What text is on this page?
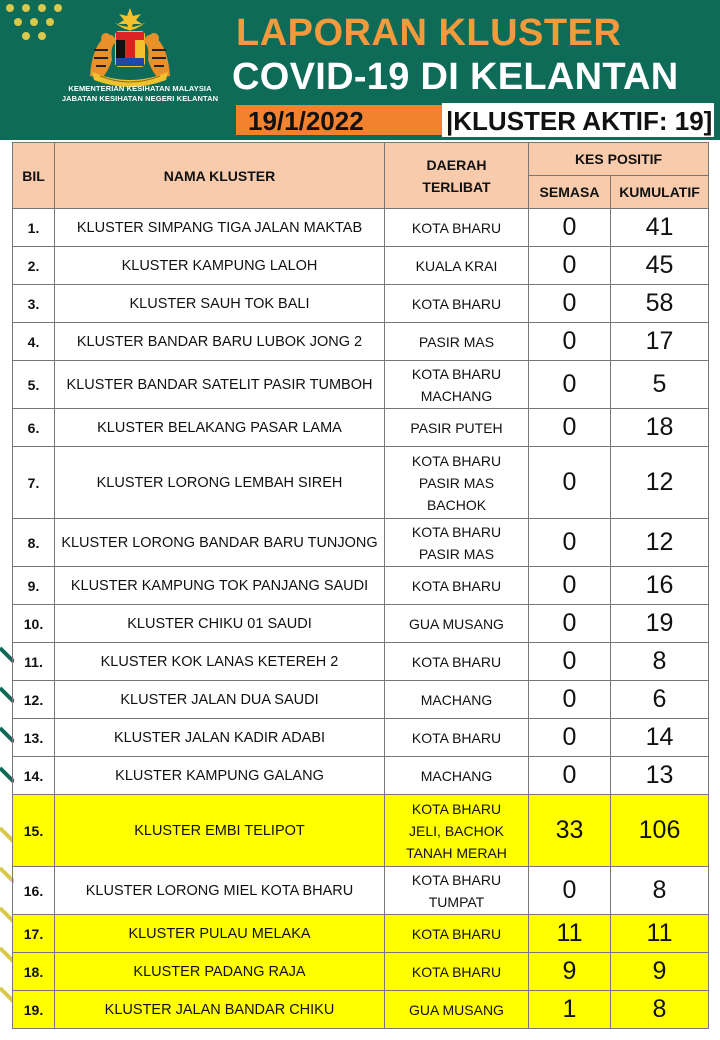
KEMENTERIAN KESIHATAN MALAYSIA
JABATAN KESIHATAN NEGERI KELANTAN
LAPORAN KLUSTER
COVID-19 DI KELANTAN
19/1/2022	|KLUSTER AKTIF: 19]
BIL	NAMA KLUSTER	DAERAH TERLIBAT	KES POSITIF	
			SEMASA	KUMULATIF
1.	KLUSTER SIMPANG TIGA JALAN MAKTAB	KOTA BHARU	0	41
2.	KLUSTER KAMPUNG LALOH	KUALA KRAI	0	45
3.	KLUSTER SAUH TOK BALI	KOTA BHARU	0	58
4.	KLUSTER BANDAR BARU LUBOK JONG 2	PASIR MAS	0	17
5.	KLUSTER BANDAR SATELIT PASIR TUMBOH	KOTA BHARU
MACHANG	0	5
6.	KLUSTER BELAKANG PASAR LAMA	PASIR PUTEH	0	18
7.	KLUSTER LORONG LEMBAH SIREH	KOTA BHARU
PASIR MAS
BACHOK	0	12
8.	KLUSTER LORONG BANDAR BARU TUNJONG	KOTA BHARU
PASIR MAS	0	12
9.	KLUSTER KAMPUNG TOK PANJANG SAUDI	KOTA BHARU	0	16
10.	KLUSTER CHIKU 01 SAUDI	GUA MUSANG	0	19
11.	KLUSTER KOK LANAS KETEREH 2	KOTA BHARU	0	8
12.	KLUSTER JALAN DUA SAUDI	MACHANG	0	6
13.	KLUSTER JALAN KADIR ADABI	KOTA BHARU	0	14
14.	KLUSTER KAMPUNG GALANG	MACHANG	0	13
15.	KLUSTER EMBI TELIPOT	KOTA BHARU
JELI, BACHOK
TANAH MERAH	33	106
16.	KLUSTER LORONG MIEL KOTA BHARU	KOTA BHARU
TUMPAT	0	8
17.	KLUSTER PULAU MELAKA	KOTA BHARU	11	11
18.	KLUSTER PADANG RAJA	KOTA BHARU	9	9
19.	KLUSTER JALAN BANDAR CHIKU	GUA MUSANG	1	8
